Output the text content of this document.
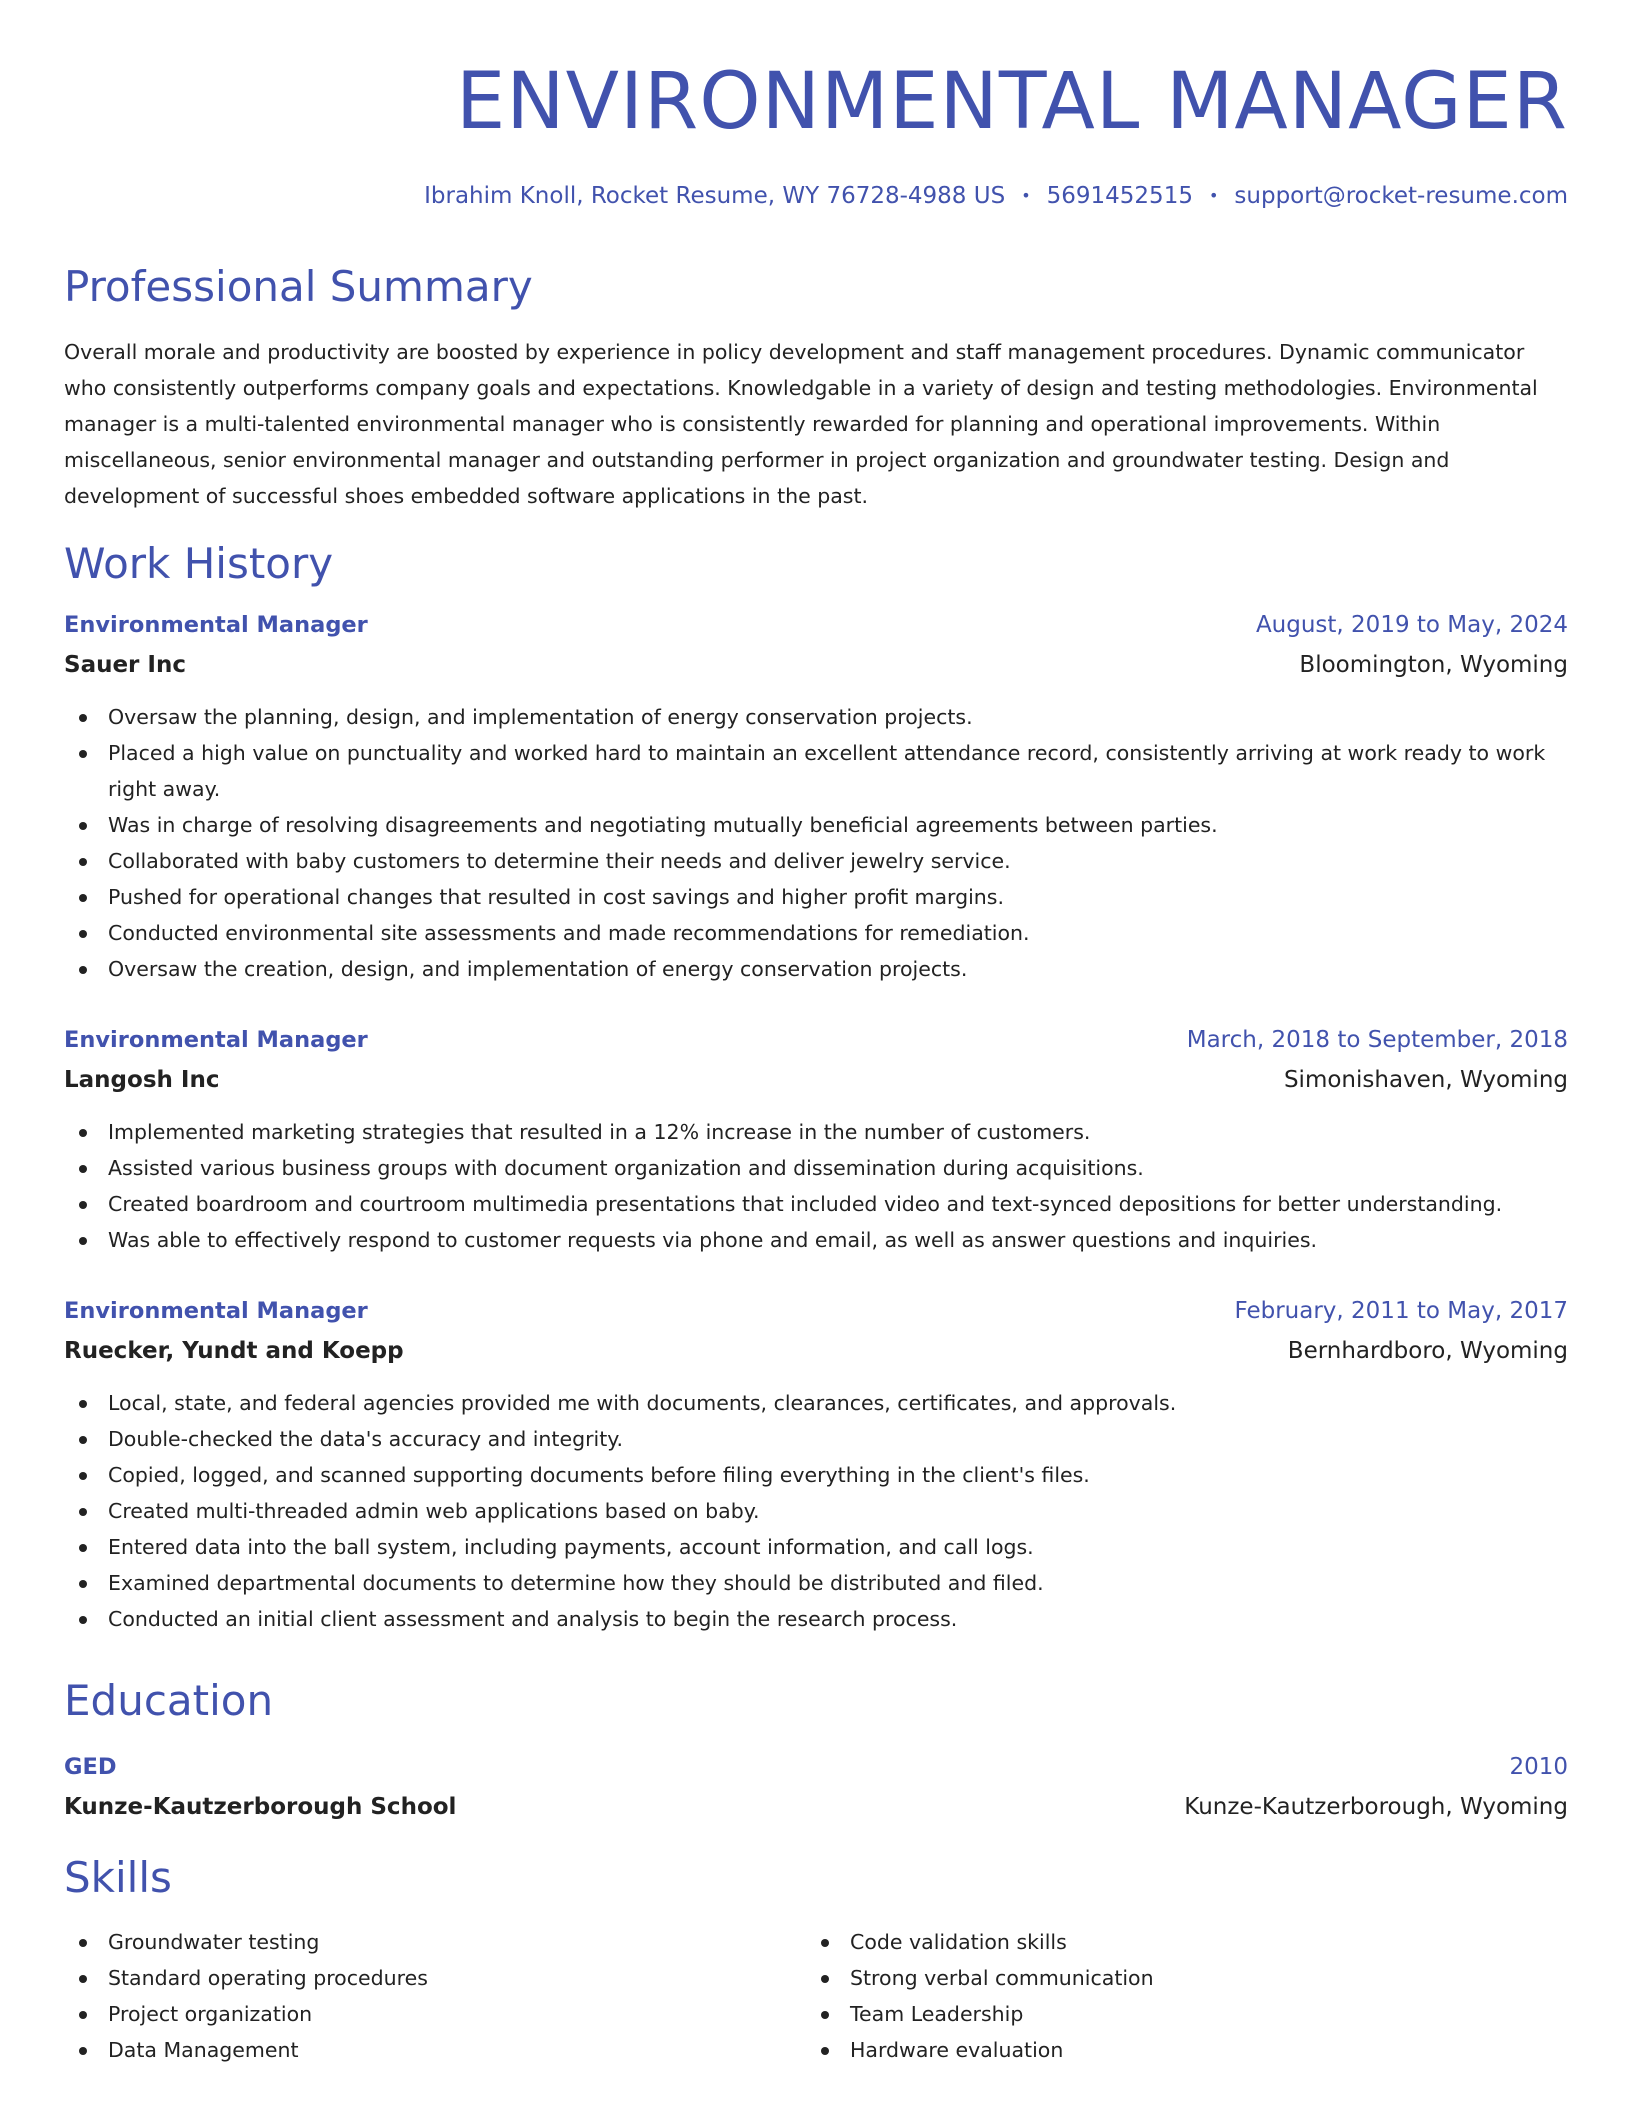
ENVIRONMENTAL MANAGER
Ibrahim Knoll, Rocket Resume, WY 76728-4988 US • 5691452515 • support@rocket-resume.com
Professional Summary

Overall morale and productivity are boosted by experience in policy development and staff management procedures. Dynamic communicator who consistently outperforms company goals and expectations. Knowledgable in a variety of design and testing methodologies. Environmental manager is a multi-talented environmental manager who is consistently rewarded for planning and operational improvements. Within miscellaneous, senior environmental manager and outstanding performer in project organization and groundwater testing. Design and development of successful shoes embedded software applications in the past.

Work History
Environmental Manager	August, 2019 to May, 2024
Sauer Inc	Bloomington, Wyoming
Oversaw the planning, design, and implementation of energy conservation projects.
Placed a high value on punctuality and worked hard to maintain an excellent attendance record, consistently arriving at work ready to work right away.
Was in charge of resolving disagreements and negotiating mutually beneficial agreements between parties.
Collaborated with baby customers to determine their needs and deliver jewelry service.
Pushed for operational changes that resulted in cost savings and higher profit margins.
Conducted environmental site assessments and made recommendations for remediation.
Oversaw the creation, design, and implementation of energy conservation projects.
Environmental Manager	March, 2018 to September, 2018
Langosh Inc	Simonishaven, Wyoming
Implemented marketing strategies that resulted in a 12% increase in the number of customers.
Assisted various business groups with document organization and dissemination during acquisitions.
Created boardroom and courtroom multimedia presentations that included video and text-synced depositions for better understanding.
Was able to effectively respond to customer requests via phone and email, as well as answer questions and inquiries.
Environmental Manager	February, 2011 to May, 2017
Ruecker, Yundt and Koepp	Bernhardboro, Wyoming
Local, state, and federal agencies provided me with documents, clearances, certificates, and approvals.
Double-checked the data's accuracy and integrity.
Copied, logged, and scanned supporting documents before filing everything in the client's files.
Created multi-threaded admin web applications based on baby.
Entered data into the ball system, including payments, account information, and call logs.
Examined departmental documents to determine how they should be distributed and filed.
Conducted an initial client assessment and analysis to begin the research process.
Education
GED	2010
Kunze-Kautzerborough School	Kunze-Kautzerborough, Wyoming
Skills
Groundwater testing
Standard operating procedures
Project organization
Data Management
Code validation skills
Strong verbal communication
Team Leadership
Hardware evaluation
